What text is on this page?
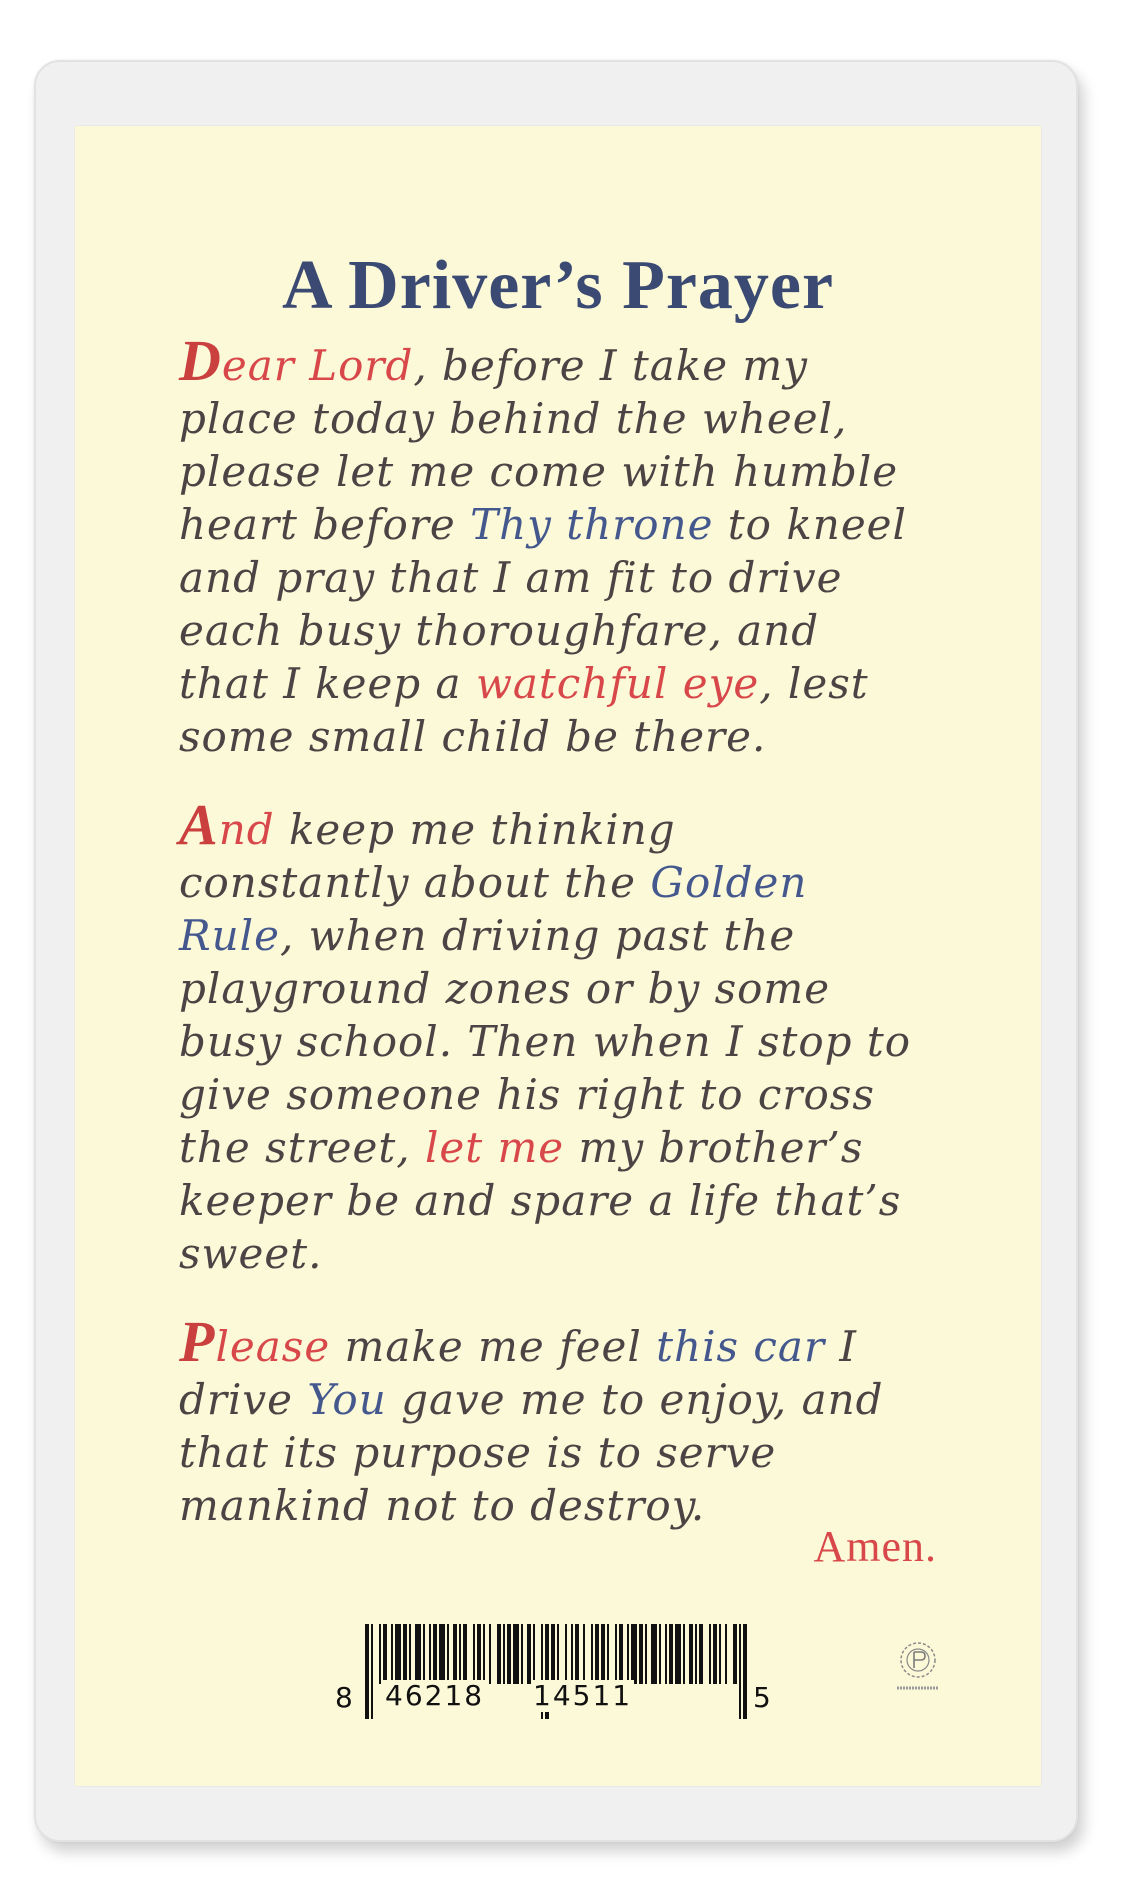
A Driver’s Prayer

Dear Lord, before I take my
place today behind the wheel,
please let me come with humble
heart before Thy throne to kneel
and pray that I am fit to drive
each busy thoroughfare, and
that I keep a watchful eye, lest
some small child be there.

And keep me thinking
constantly about the Golden
Rule, when driving past the
playground zones or by some
busy school. Then when I stop to
give someone his right to cross
the street, let me my brother’s
keeper be and spare a life that’s
sweet.

Please make me feel this car I
drive You gave me to enjoy, and
that its purpose is to serve
mankind not to destroy.

Amen.
8 46218 14511	5
